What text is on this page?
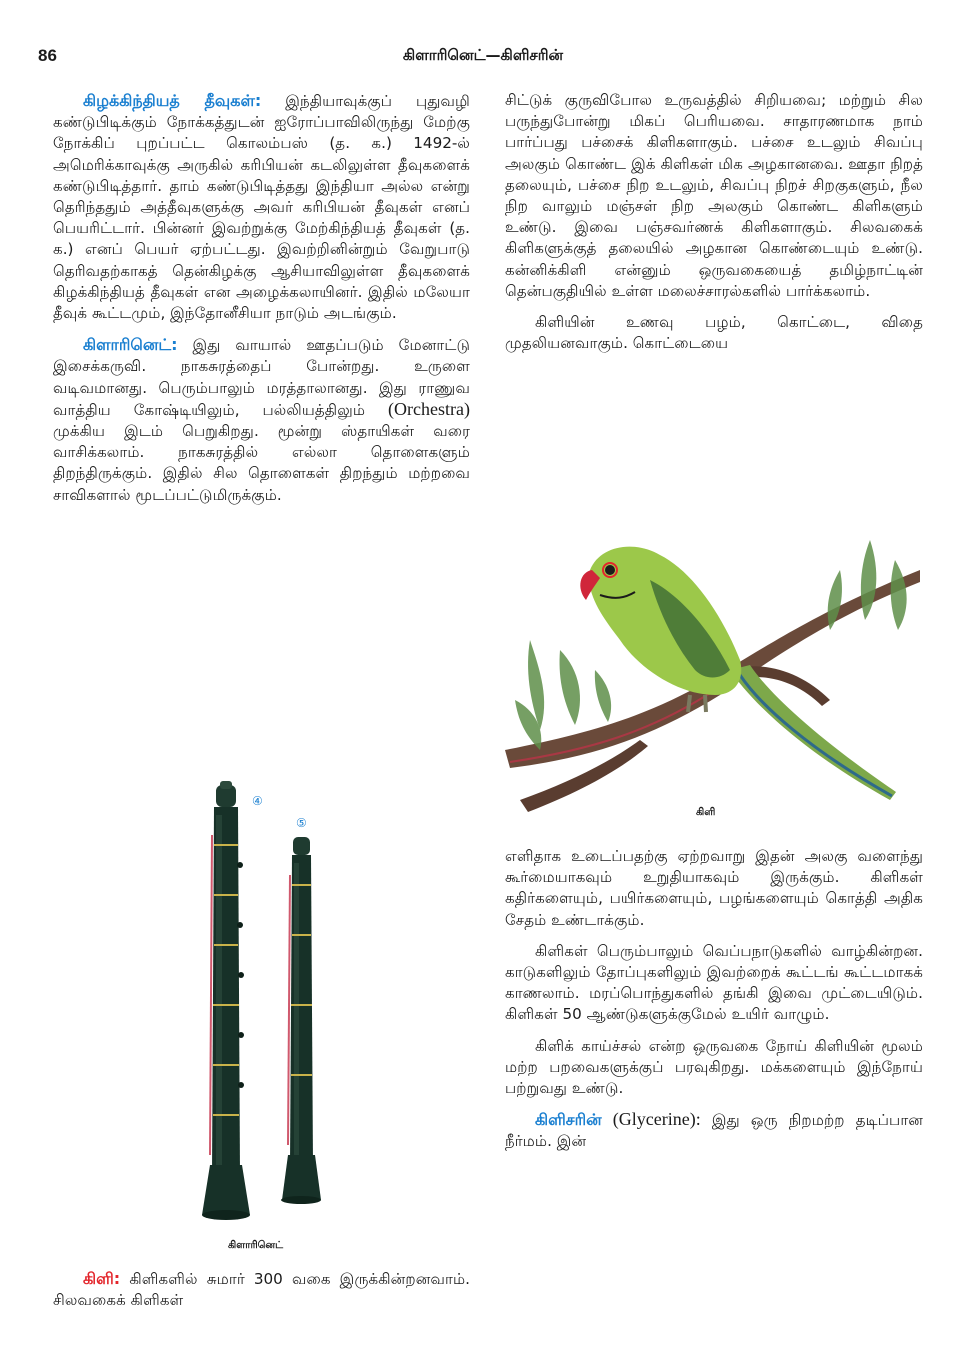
86	கிளாரினெட்—கிளிசரின்

கிழக்கிந்தியத் தீவுகள்: இந்தியாவுக்குப் புதுவழி கண்டுபிடிக்கும் நோக்கத்துடன் ஐரோப்பாவிலிருந்து மேற்கு நோக்கிப் புறப்பட்ட கொலம்பஸ் (த. க.) 1492-ல் அமெரிக்காவுக்கு அருகில் கரிபியன் கடலிலுள்ள தீவுகளைக் கண்டுபிடித்தார். தாம் கண்டுபிடித்தது இந்தியா அல்ல என்று தெரிந்ததும் அத்தீவுகளுக்கு அவர் கரிபியன் தீவுகள் எனப் பெயரிட்டார். பின்னர் இவற்றுக்கு மேற்கிந்தியத் தீவுகள் (த. க.) எனப் பெயர் ஏற்பட்டது. இவற்றினின்றும் வேறுபாடு தெரிவதற்காகத் தென்கிழக்கு ஆசியாவிலுள்ள தீவுகளைக் கிழக்கிந்தியத் தீவுகள் என அழைக்கலாயினர். இதில் மலேயா தீவுக் கூட்டமும், இந்தோனீசியா நாடும் அடங்கும்.

கிளாரினெட்: இது வாயால் ஊதப்படும் மேனாட்டு இசைக்கருவி. நாகசுரத்தைப் போன்றது. உருளை வடிவமானது. பெரும்பாலும் மரத்தாலானது. இது ராணுவ வாத்திய கோஷ்டியிலும், பல்லியத்திலும் (Orchestra) முக்கிய இடம் பெறுகிறது. மூன்று ஸ்தாயிகள் வரை வாசிக்கலாம். நாகசுரத்தில் எல்லா தொளைகளும் திறந்திருக்கும். இதில் சில தொளைகள் திறந்தும் மற்றவை சாவிகளால் மூடப்பட்டுமிருக்கும்.

④
⑤
கிளாரினெட்
கிளி: கிளிகளில் சுமார் 300 வகை இருக்கின்றனவாம். சிலவகைக் கிளிகள்

சிட்டுக் குருவிபோல உருவத்தில் சிறியவை; மற்றும் சில பருந்துபோன்று மிகப் பெரியவை. சாதாரணமாக நாம் பார்ப்பது பச்சைக் கிளிகளாகும். பச்சை உடலும் சிவப்பு அலகும் கொண்ட இக் கிளிகள் மிக அழகானவை. ஊதா நிறத் தலையும், பச்சை நிற உடலும், சிவப்பு நிறச் சிறகுகளும், நீல நிற வாலும் மஞ்சள் நிற அலகும் கொண்ட கிளிகளும் உண்டு. இவை பஞ்சவர்ணக் கிளிகளாகும். சிலவகைக் கிளிகளுக்குத் தலையில் அழகான கொண்டையும் உண்டு. கன்னிக்கிளி என்னும் ஒருவகையைத் தமிழ்நாட்டின் தென்பகுதியில் உள்ள மலைச்சாரல்களில் பார்க்கலாம்.

கிளியின் உணவு பழம், கொட்டை, விதை முதலியனவாகும். கொட்டையை

கிளி

எளிதாக உடைப்பதற்கு ஏற்றவாறு இதன் அலகு வளைந்து கூர்மையாகவும் உறுதியாகவும் இருக்கும். கிளிகள் கதிர்களையும், பயிர்களையும், பழங்களையும் கொத்தி அதிக சேதம் உண்டாக்கும்.

கிளிகள் பெரும்பாலும் வெப்பநாடுகளில் வாழ்கின்றன. காடுகளிலும் தோப்புகளிலும் இவற்றைக் கூட்டங் கூட்டமாகக் காணலாம். மரப்பொந்துகளில் தங்கி இவை முட்டையிடும். கிளிகள் 50 ஆண்டுகளுக்குமேல் உயிர் வாழும்.

கிளிக் காய்ச்சல் என்ற ஒருவகை நோய் கிளியின் மூலம் மற்ற பறவைகளுக்குப் பரவுகிறது. மக்களையும் இந்நோய் பற்றுவது உண்டு.

கிளிசரின் (Glycerine): இது ஒரு நிறமற்ற தடிப்பான நீர்மம். இன்
